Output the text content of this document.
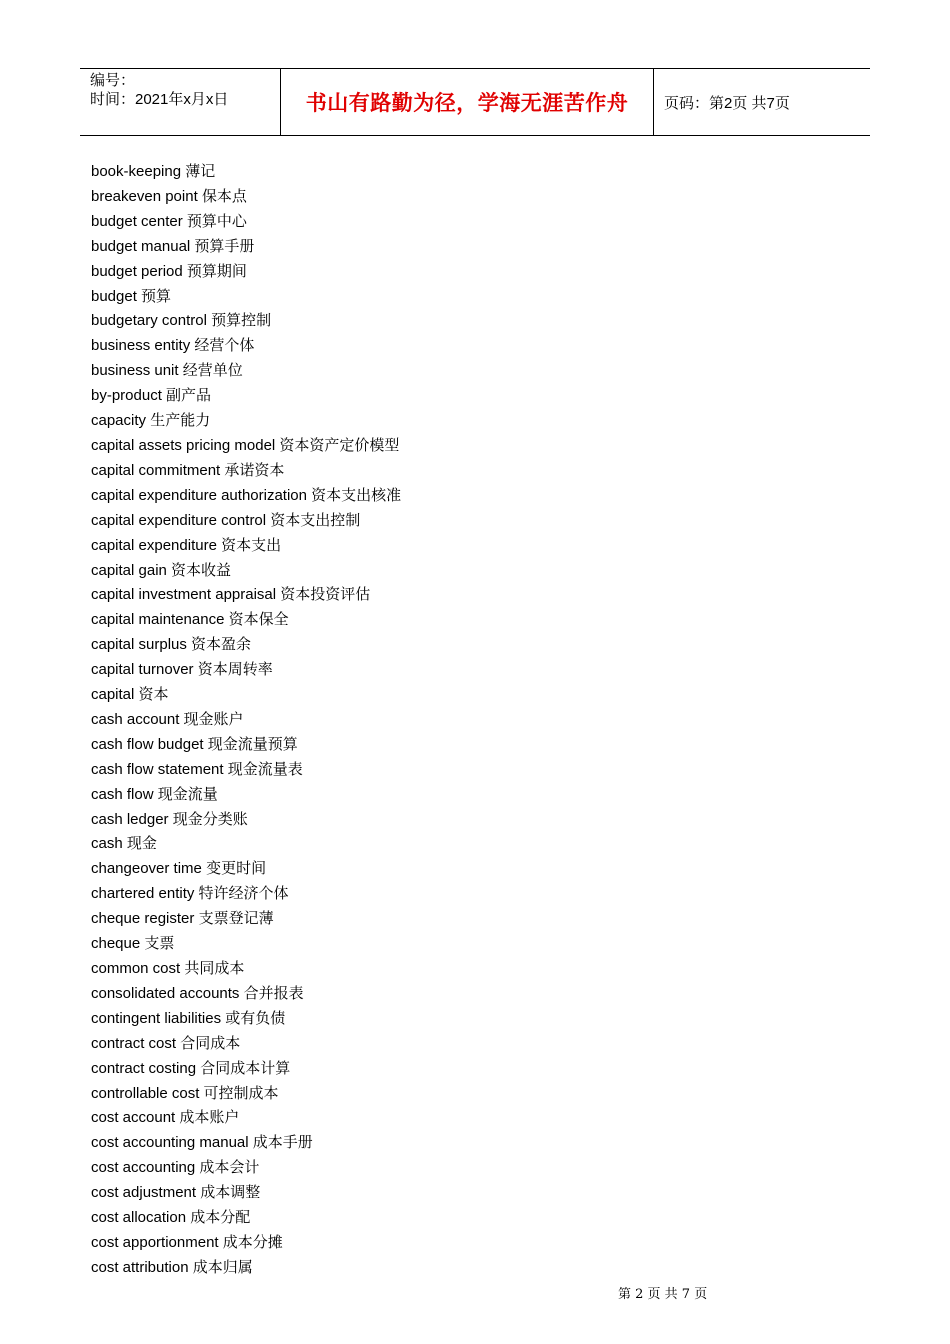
编号：
时间：2021年x月x日	书山有路勤为径，学海无涯苦作舟	页码：第2页 共7页
book-keeping 薄记
breakeven point 保本点
budget center 预算中心
budget manual 预算手册
budget period 预算期间
budget 预算
budgetary control 预算控制
business entity 经营个体
business unit 经营单位
by-product 副产品
capacity 生产能力
capital assets pricing model 资本资产定价模型
capital commitment 承诺资本
capital expenditure authorization 资本支出核准
capital expenditure control 资本支出控制
capital expenditure 资本支出
capital gain 资本收益
capital investment appraisal 资本投资评估
capital maintenance 资本保全
capital surplus 资本盈余
capital turnover 资本周转率
capital 资本
cash account 现金账户
cash flow budget 现金流量预算
cash flow statement 现金流量表
cash flow 现金流量
cash ledger 现金分类账
cash 现金
changeover time 变更时间
chartered entity 特许经济个体
cheque register 支票登记薄
cheque 支票
common cost 共同成本
consolidated accounts 合并报表
contingent liabilities 或有负债
contract cost 合同成本
contract costing 合同成本计算
controllable cost 可控制成本
cost account 成本账户
cost accounting manual 成本手册
cost accounting 成本会计
cost adjustment 成本调整
cost allocation 成本分配
cost apportionment 成本分摊
cost attribution 成本归属
第 2 页 共 7 页
